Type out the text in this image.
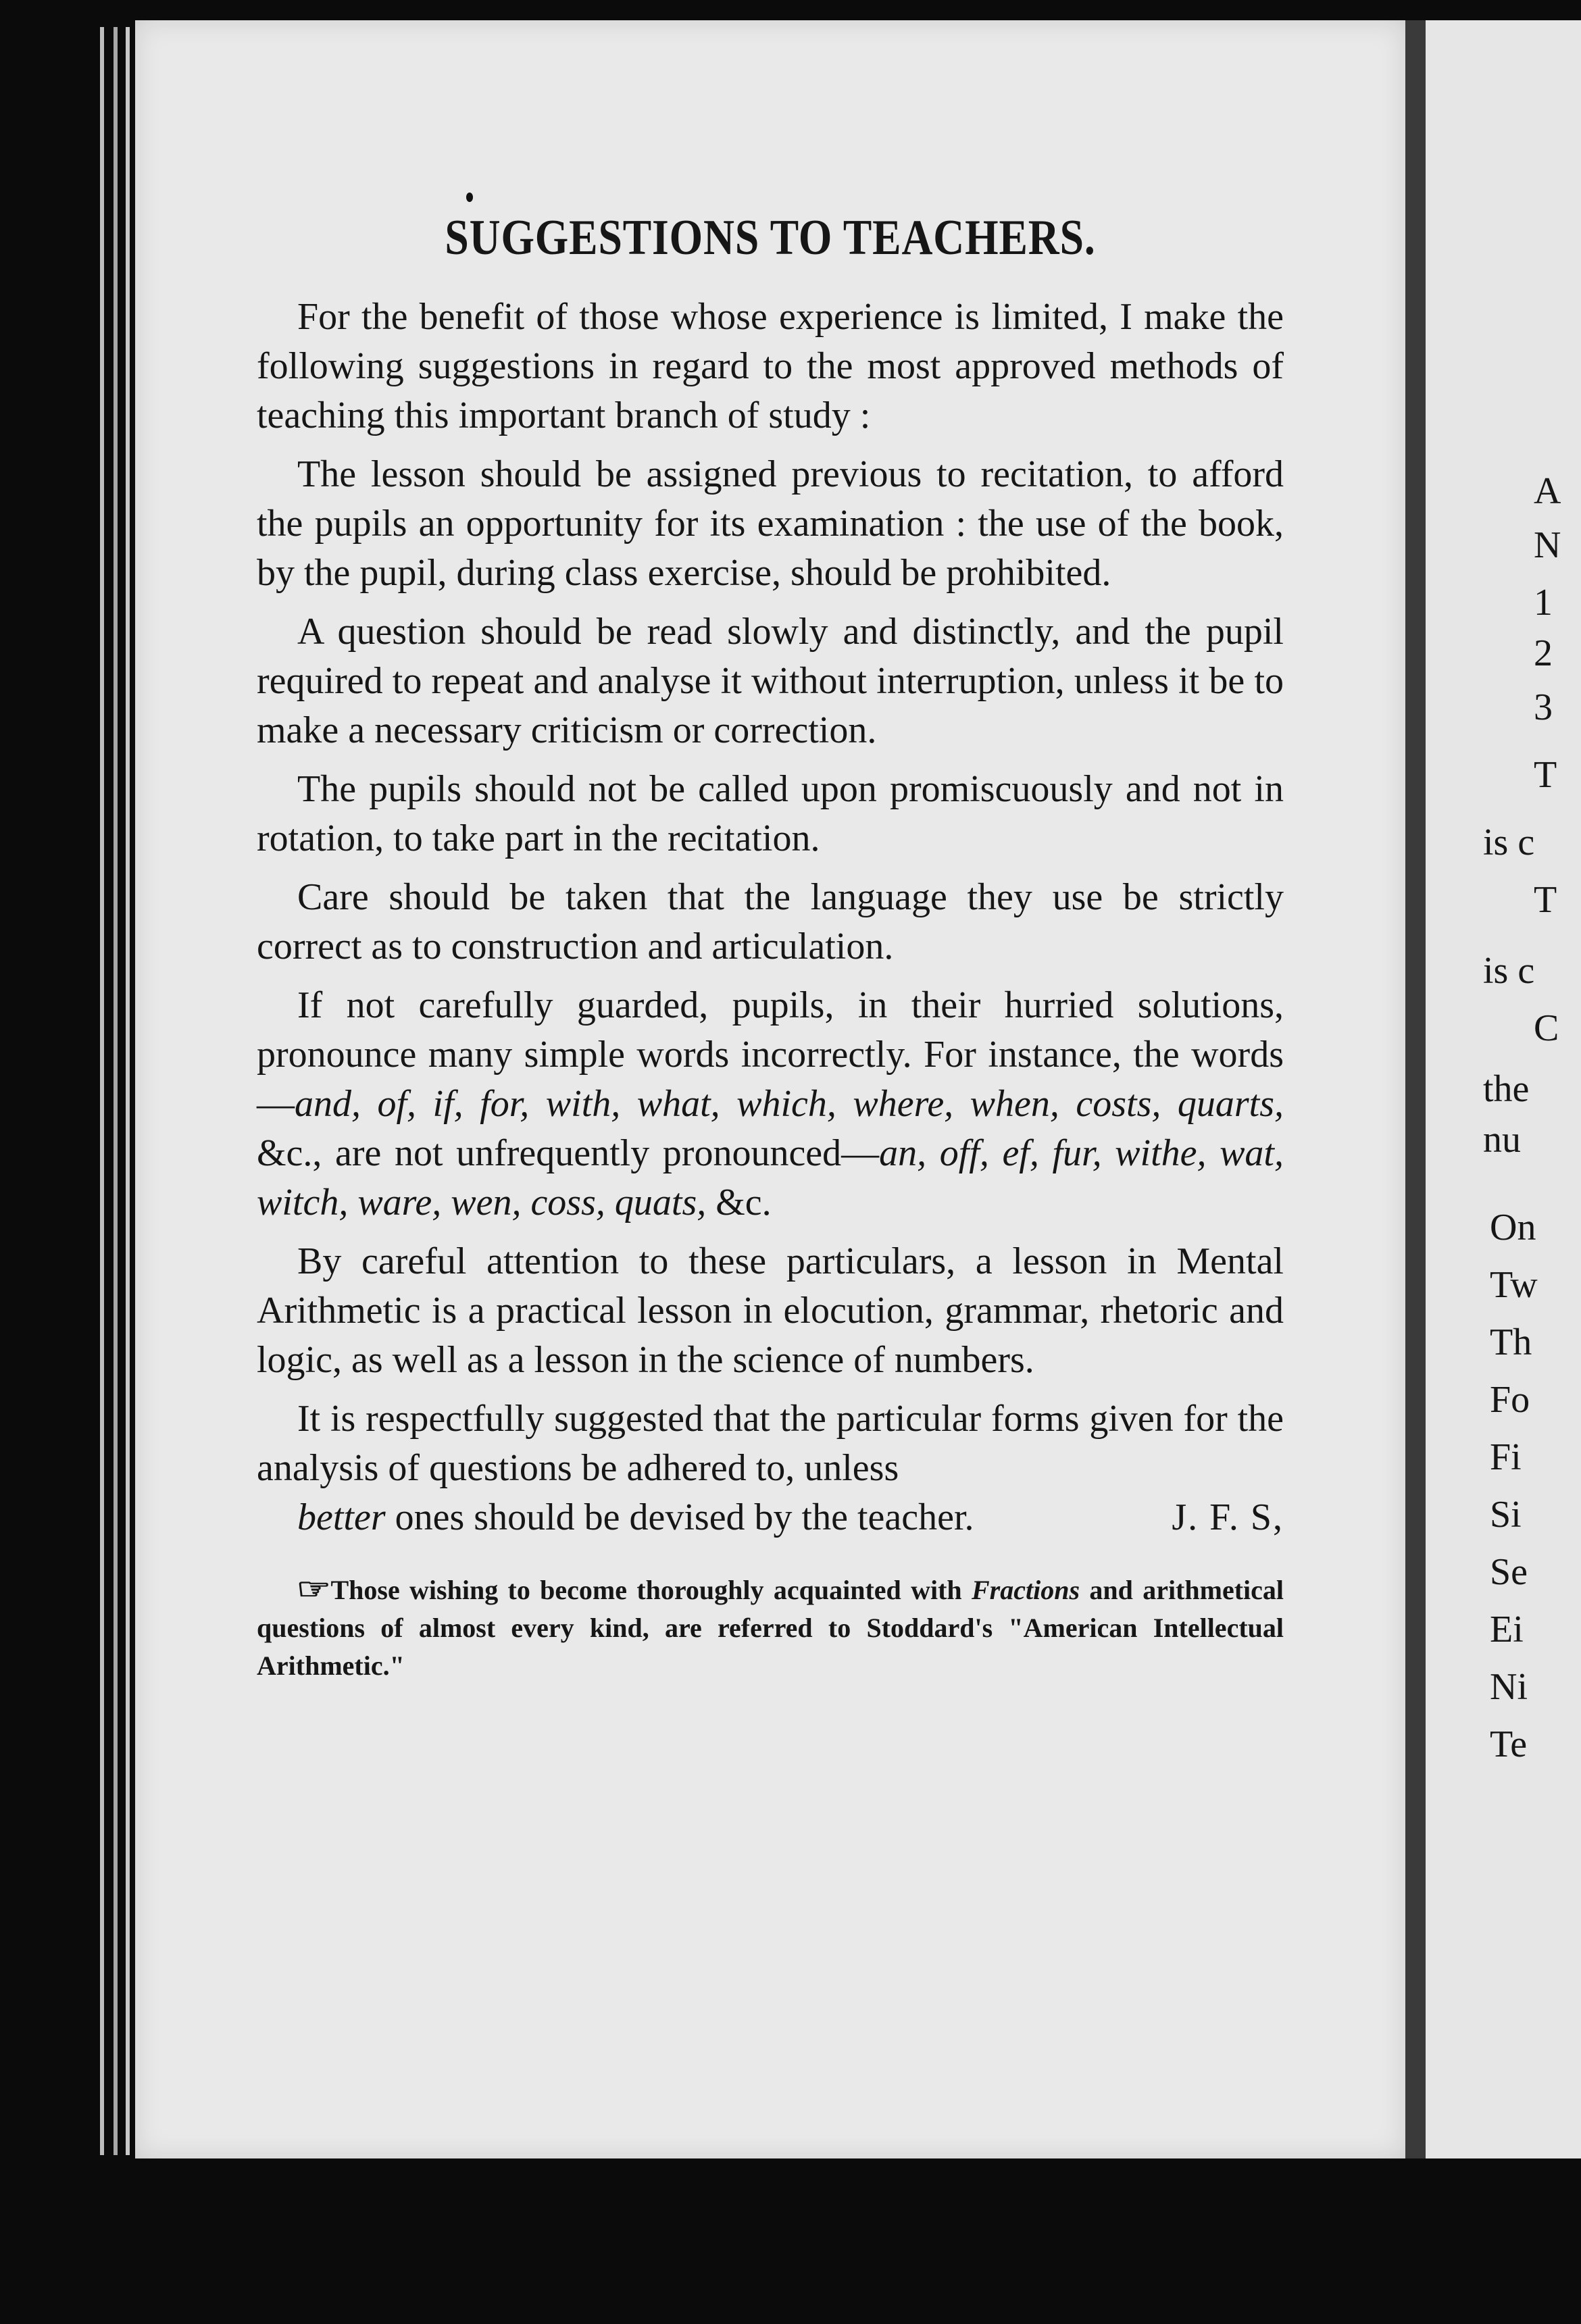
SUGGESTIONS TO TEACHERS.

For the benefit of those whose experience is limited, I make the following suggestions in regard to the most approved methods of teaching this important branch of study :

The lesson should be assigned previous to recitation, to afford the pupils an opportunity for its examination : the use of the book, by the pupil, during class exercise, should be prohibited.

A question should be read slowly and distinctly, and the pupil required to repeat and analyse it without interruption, unless it be to make a necessary criticism or correction.

The pupils should not be called upon promiscuously and not in rotation, to take part in the recitation.

Care should be taken that the language they use be strictly correct as to construction and articulation.

If not carefully guarded, pupils, in their hurried solutions, pronounce many simple words incorrectly. For instance, the words—and, of, if, for, with, what, which, where, when, costs, quarts, &c., are not unfrequently pronounced—an, off, ef, fur, withe, wat, witch, ware, wen, coss, quats, &c.

By careful attention to these particulars, a lesson in Mental Arithmetic is a practical lesson in elocution, grammar, rhetoric and logic, as well as a lesson in the science of numbers.

It is respectfully suggested that the particular forms given for the analysis of questions be adhered to, unless
better ones should be devised by the teacher.	J. F. S,

☞Those wishing to become thoroughly acquainted with Fractions and arithmetical questions of almost every kind, are referred to Stoddard's "American Intellectual Arithmetic."

A
N
1
2
3
T
is c
T
is c
C
the
nu
On
Tw
Th
Fo
Fi
Si
Se
Ei
Ni
Te
